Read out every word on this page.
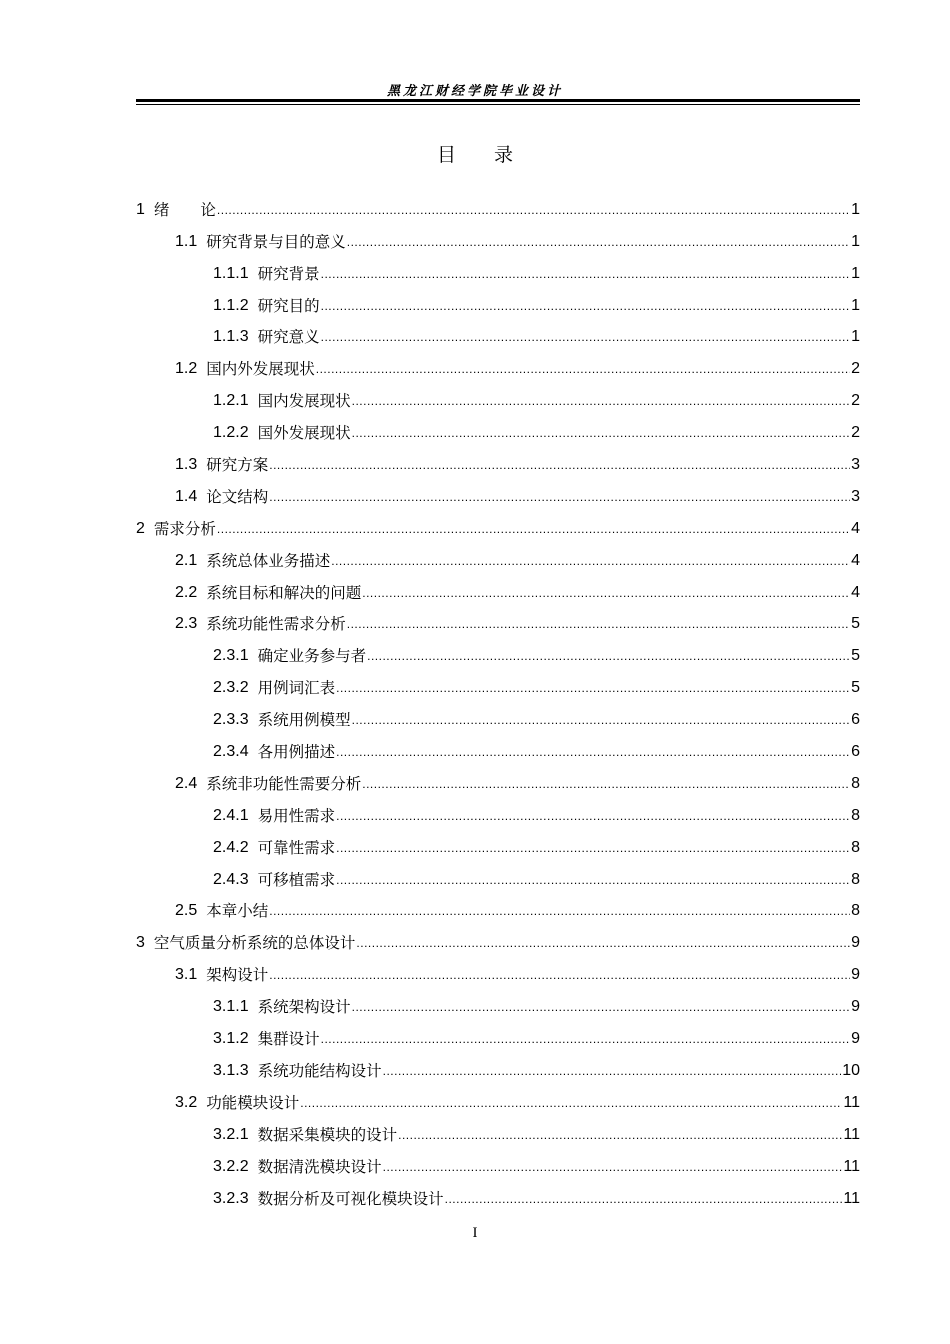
黑龙江财经学院毕业设计
目录
1 绪　　论 .....	1
1.1 研究背景与目的意义 .....	1
1.1.1 研究背景 .....	1
1.1.2 研究目的 .....	1
1.1.3 研究意义 .....	1
1.2 国内外发展现状 .....	2
1.2.1 国内发展现状 .....	2
1.2.2 国外发展现状 .....	2
1.3 研究方案 .....	3
1.4 论文结构 .....	3
2 需求分析 .....	4
2.1 系统总体业务描述 .....	4
2.2 系统目标和解决的问题 .....	4
2.3 系统功能性需求分析 .....	5
2.3.1 确定业务参与者 .....	5
2.3.2 用例词汇表 .....	5
2.3.3 系统用例模型 .....	6
2.3.4 各用例描述 .....	6
2.4 系统非功能性需要分析 .....	8
2.4.1 易用性需求 .....	8
2.4.2 可靠性需求 .....	8
2.4.3 可移植需求 .....	8
2.5 本章小结 .....	8
3 空气质量分析系统的总体设计 .....	9
3.1 架构设计 .....	9
3.1.1 系统架构设计 .....	9
3.1.2 集群设计 .....	9
3.1.3 系统功能结构设计 .....	10
3.2 功能模块设计 .....	11
3.2.1 数据采集模块的设计 .....	11
3.2.2 数据清洗模块设计 .....	11
3.2.3 数据分析及可视化模块设计 .....	11
I
